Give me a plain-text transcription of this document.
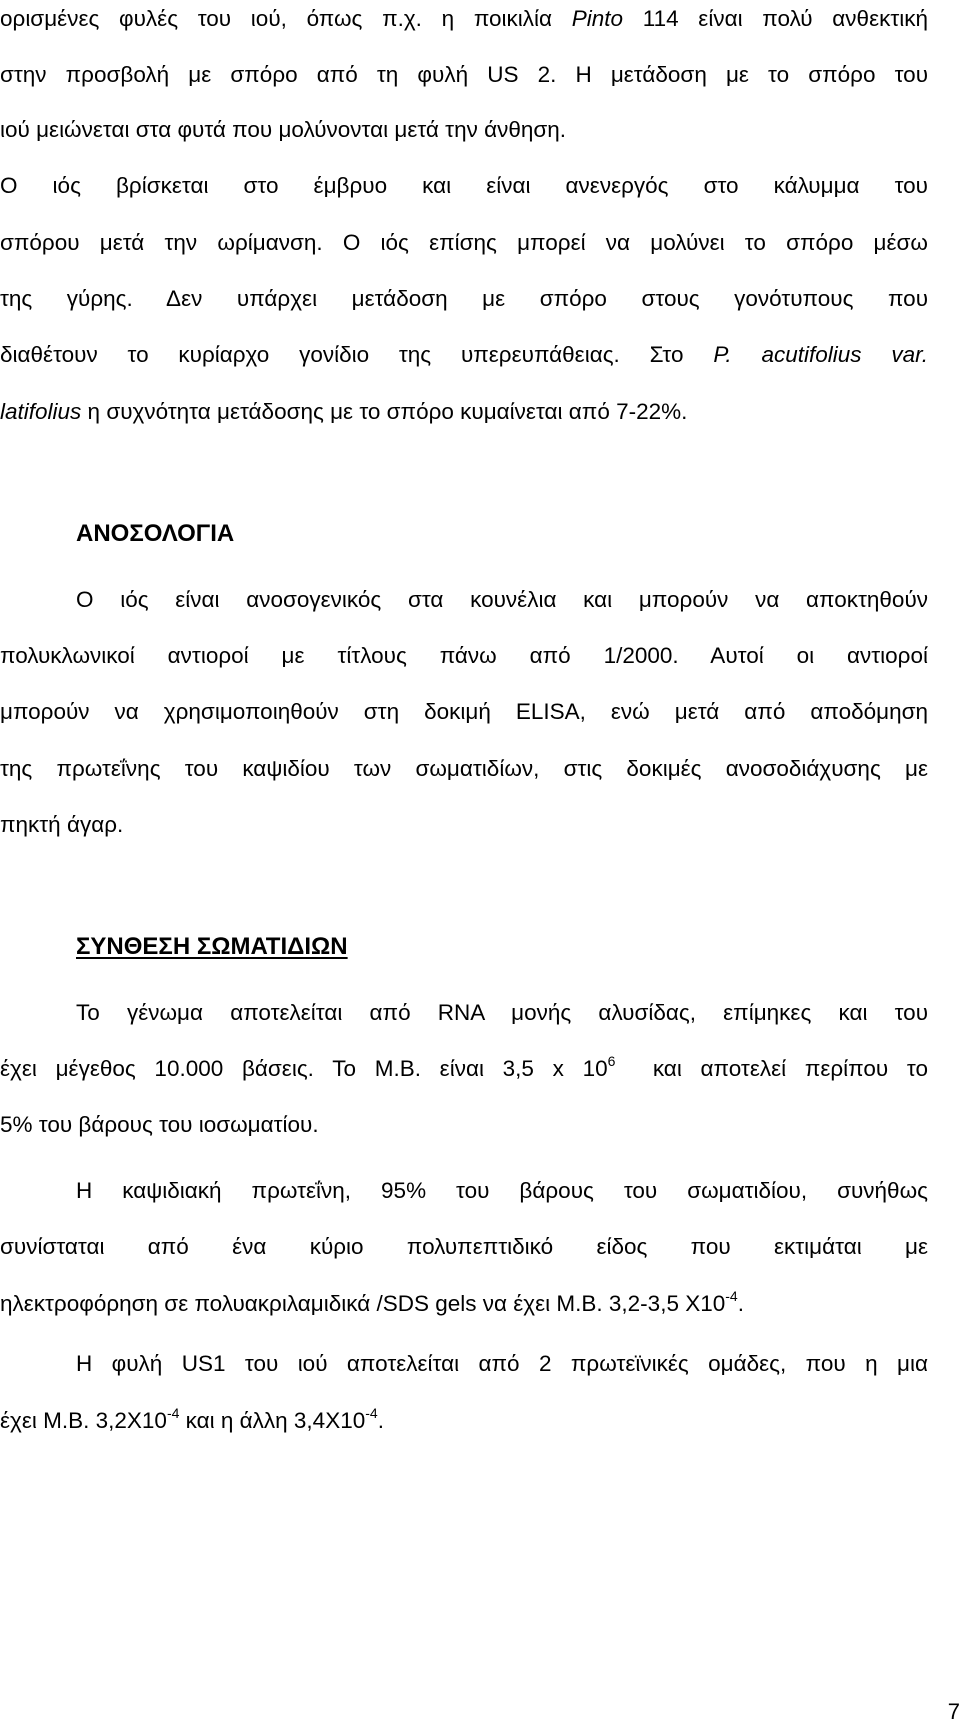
ορισμένες φυλές του ιού, όπως π.χ. η ποικιλία Pinto 114 είναι πολύ ανθεκτική
στην προσβολή με σπόρο από τη φυλή US 2. Η μετάδοση με το σπόρο του
ιού μειώνεται στα φυτά που μολύνονται μετά την άνθηση.
Ο ιός βρίσκεται στο έμβρυο και είναι ανενεργός στο κάλυμμα του
σπόρου μετά την ωρίμανση. Ο ιός επίσης μπορεί να μολύνει το σπόρο μέσω
της γύρης. Δεν υπάρχει μετάδοση με σπόρο στους γονότυπους που
διαθέτουν το κυρίαρχο γονίδιο της υπερευπάθειας. Στο P. acutifolius var.
latifolius η συχνότητα μετάδοσης με το σπόρο κυμαίνεται από 7-22%.
ΑΝΟΣΟΛΟΓΙΑ
Ο ιός είναι ανοσογενικός στα κουνέλια και μπορούν να αποκτηθούν
πολυκλωνικοί αντιοροί με τίτλους πάνω από 1/2000. Αυτοί οι αντιοροί
μπορούν να χρησιμοποιηθούν στη δοκιμή ELISA, ενώ μετά από αποδόμηση
της πρωτεΐνης του καψιδίου των σωματιδίων, στις δοκιμές ανοσοδιάχυσης με
πηκτή άγαρ.
ΣΥΝΘΕΣΗ ΣΩΜΑΤΙΔΙΩΝ
Το γένωμα αποτελείται από RNA μονής αλυσίδας, επίμηκες και του
έχει μέγεθος 10.000 βάσεις. Το Μ.Β. είναι 3,5 x $10^6$  και αποτελεί περίπου το
5% του βάρους του ιοσωματίου.
Η καψιδιακή πρωτεΐνη, 95% του βάρους του σωματιδίου, συνήθως
συνίσταται από ένα κύριο πολυπεπτιδικό είδος που εκτιμάται με
ηλεκτροφόρηση σε πολυακριλαμιδικά /SDS gels να έχει Μ.Β. 3,2-3,5 $X10^{-4}$.
Η φυλή US1 του ιού αποτελείται από 2 πρωτεϊνικές ομάδες, που η μια
έχει Μ.Β. $3,2X10^{-4}$ και η άλλη $3,4X10^{-4}$.
7
